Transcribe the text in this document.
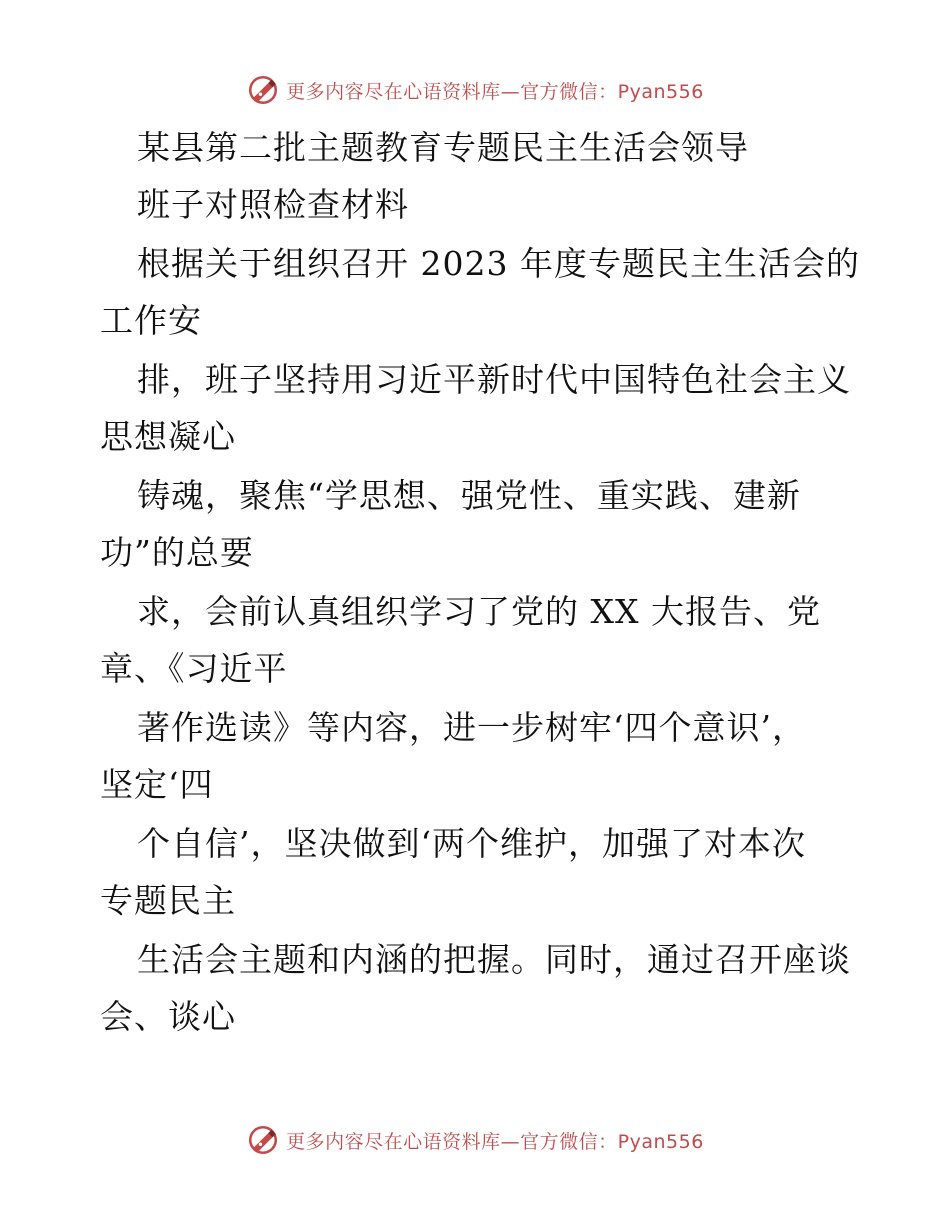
更多内容尽在心语资料库—官方微信：Pyan556
某县第二批主题教育专题民主生活会领导
班子对照检查材料
根据关于组织召开 2023 年度专题民主生活会的
工作安
排，班子坚持用习近平新时代中国特色社会主义
思想凝心
铸魂，聚焦“学思想、强党性、重实践、建新
功”的总要
求，会前认真组织学习了党的 XX 大报告、党
章、《习近平
著作选读》等内容，进一步树牢‘四个意识’，
坚定‘四
个自信’，坚决做到‘两个维护，加强了对本次
专题民主
生活会主题和内涵的把握。同时，通过召开座谈
会、谈心
更多内容尽在心语资料库—官方微信：Pyan556
